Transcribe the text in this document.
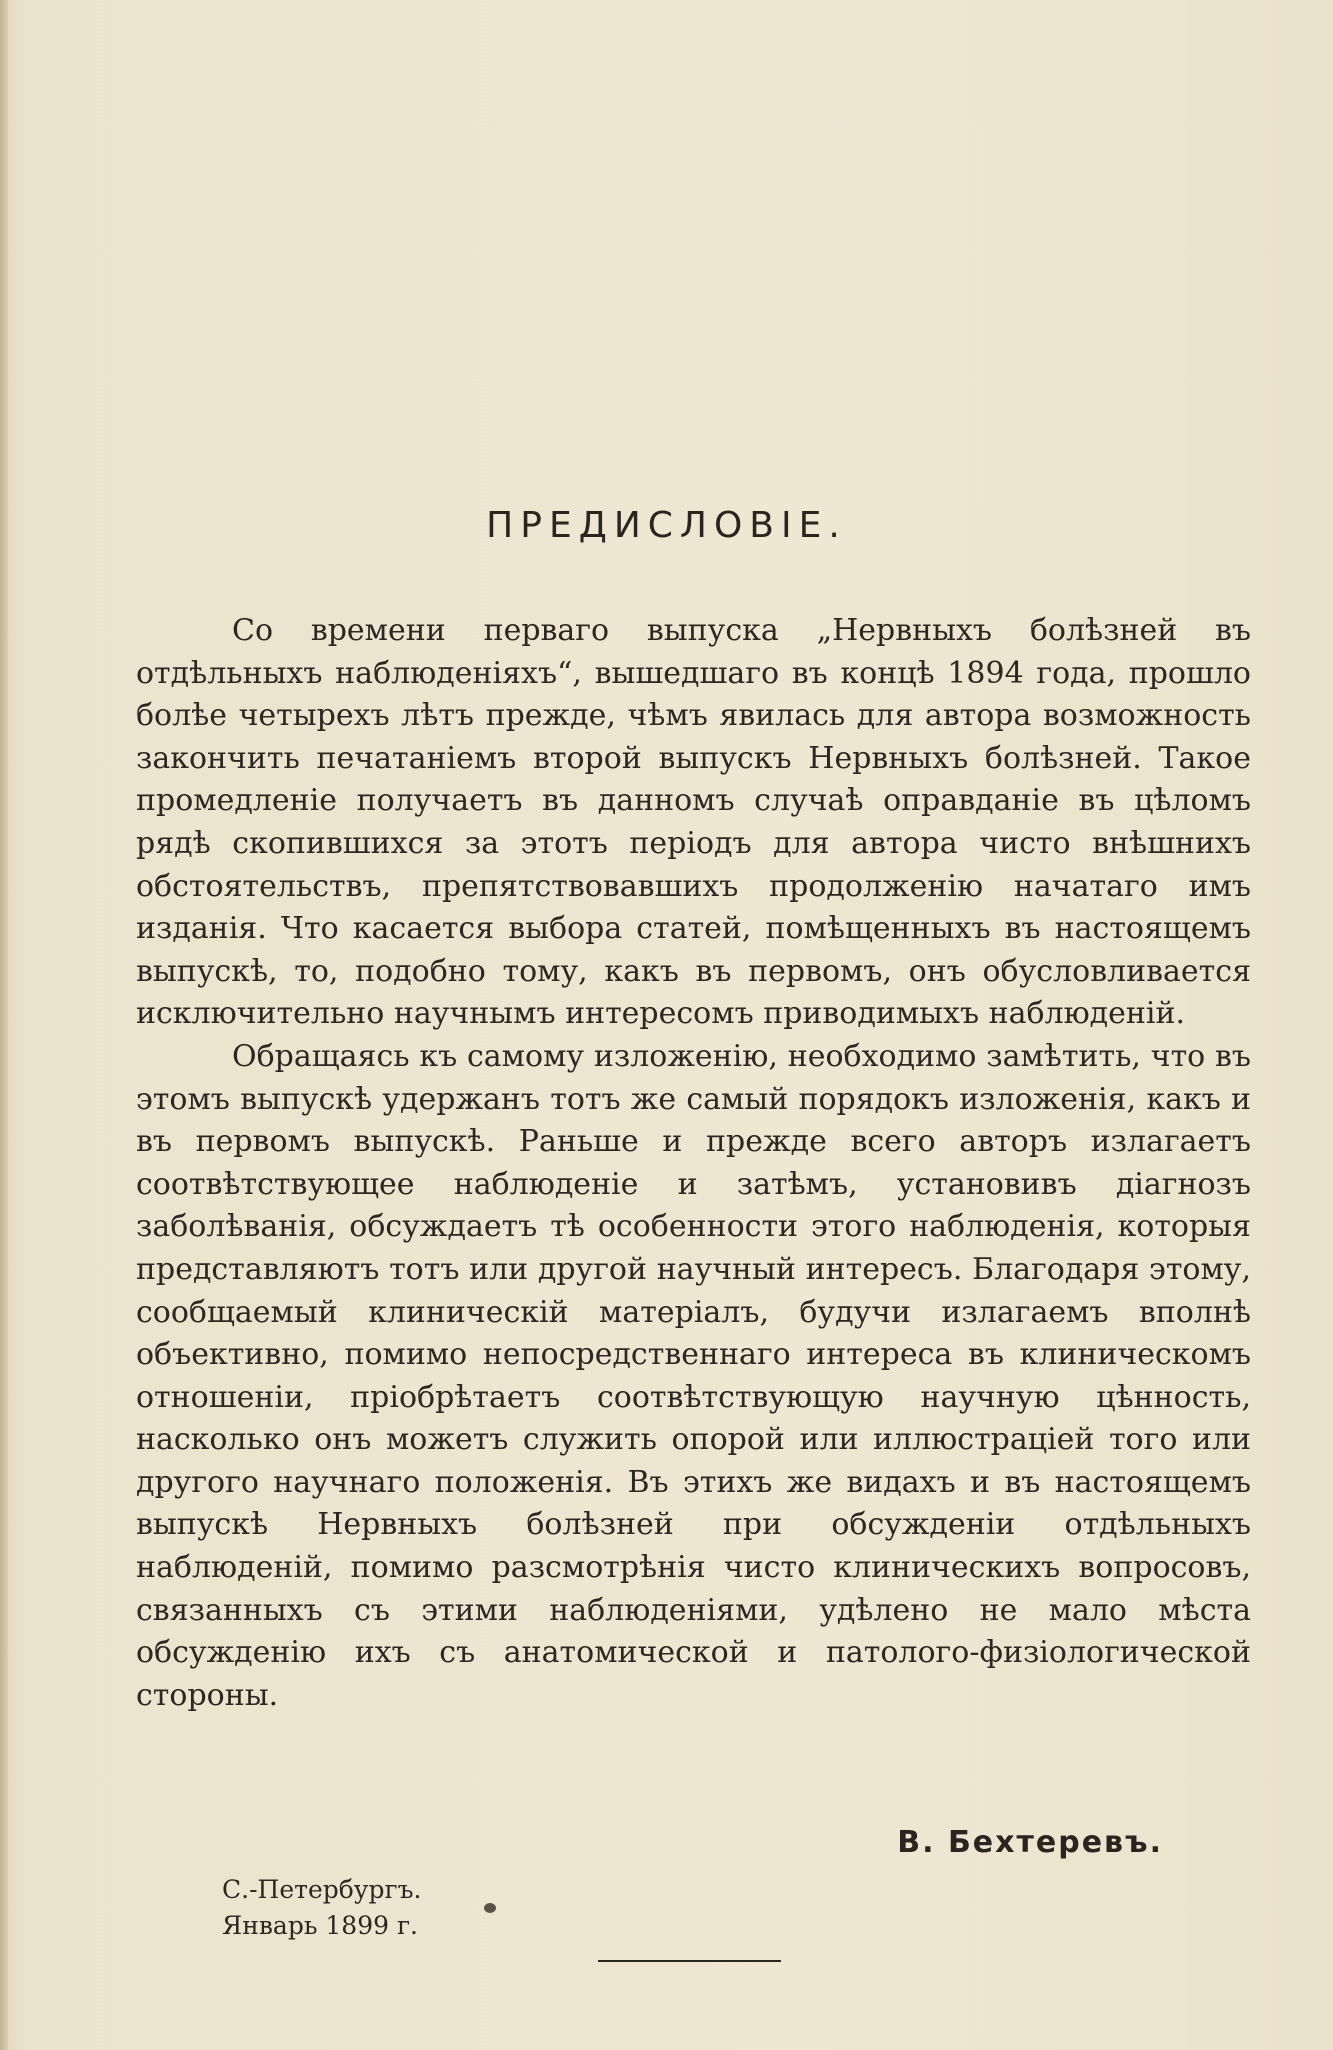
ПРЕДИСЛОВІЕ.

Со времени перваго выпуска „Нервныхъ болѣзней въ отдѣльныхъ наблюденіяхъ“, вышедшаго въ концѣ 1894 года, прошло болѣе четырехъ лѣтъ прежде, чѣмъ явилась для автора возможность закончить печатаніемъ второй выпускъ Нервныхъ болѣзней. Такое промедленіе получаетъ въ данномъ случаѣ оправданіе въ цѣломъ рядѣ скопившихся за этотъ періодъ для автора чисто внѣшнихъ обстоятельствъ, препятствовавшихъ продолженію начатаго имъ изданія. Что касается выбора статей, помѣщенныхъ въ настоящемъ выпускѣ, то, подобно тому, какъ въ первомъ, онъ обусловливается исключительно научнымъ интересомъ приводимыхъ наблюденій.

Обращаясь къ самому изложенію, необходимо замѣтить, что въ этомъ выпускѣ удержанъ тотъ же самый порядокъ изложенія, какъ и въ первомъ выпускѣ. Раньше и прежде всего авторъ излагаетъ соотвѣтствующее наблюденіе и затѣмъ, установивъ діагнозъ заболѣванія, обсуждаетъ тѣ особенности этого наблюденія, которыя представляютъ тотъ или другой научный интересъ. Благодаря этому, сообщаемый клиническій матеріалъ, будучи излагаемъ вполнѣ объективно, помимо непосредственнаго интереса въ клиническомъ отношеніи, пріобрѣтаетъ соотвѣтствующую научную цѣнность, насколько онъ можетъ служить опорой или иллюстраціей того или другого научнаго положенія. Въ этихъ же видахъ и въ настоящемъ выпускѣ Нервныхъ болѣзней при обсужденіи отдѣльныхъ наблюденій, помимо разсмотрѣнія чисто клиническихъ вопросовъ, связанныхъ съ этими наблюденіями, удѣлено не мало мѣста обсужденію ихъ съ анатомической и патолого-физіологической стороны.

В. Бехтеревъ.
С.-Петербургъ.
Январь 1899 г.
